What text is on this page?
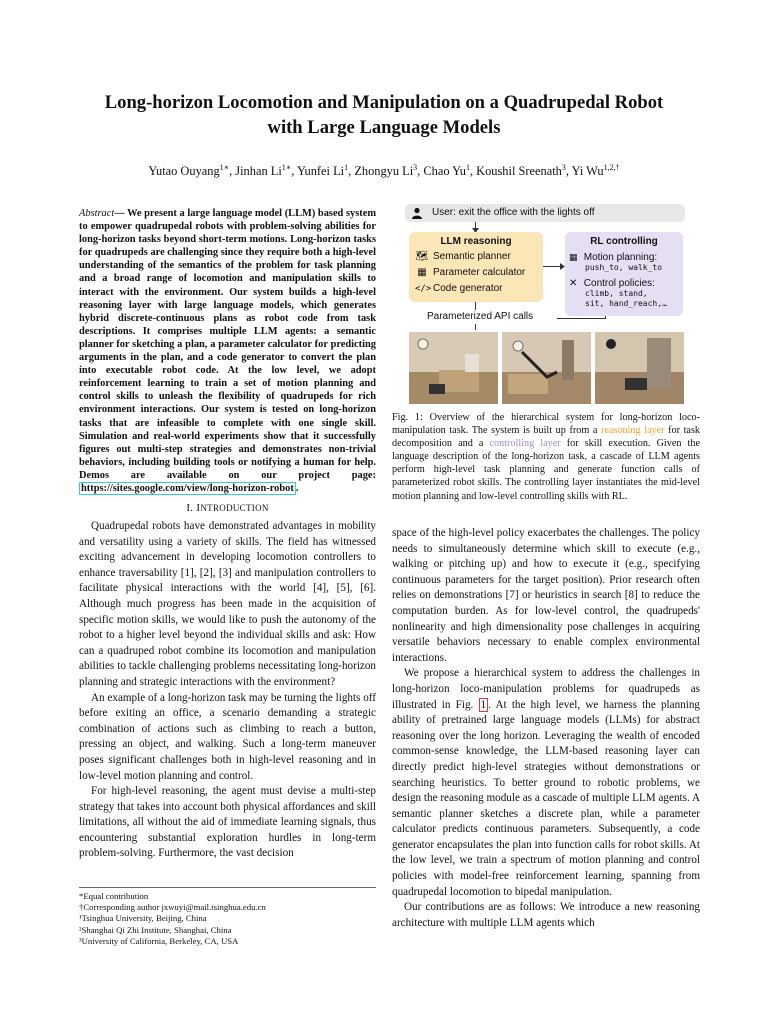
Long-horizon Locomotion and Manipulation on a Quadrupedal Robot
with Large Language Models
Yutao Ouyang$^{1∗}$, Jinhan $Li^{1∗}$, Yunfei Li$^1$, Zhongyu Li$^3$, Chao Yu$^1$, Koushil Sreenath$^3$, Yi $Wu^{1,2,\dagger}$
Abstract— We present a large language model (LLM) based system to empower quadrupedal robots with problem-solving abilities for long-horizon tasks beyond short-term motions. Long-horizon tasks for quadrupeds are challenging since they require both a high-level understanding of the semantics of the problem for task planning and a broad range of locomotion and manipulation skills to interact with the environment. Our system builds a high-level reasoning layer with large language models, which generates hybrid discrete-continuous plans as robot code from task descriptions. It comprises multiple LLM agents: a semantic planner for sketching a plan, a parameter calculator for predicting arguments in the plan, and a code generator to convert the plan into executable robot code. At the low level, we adopt reinforcement learning to train a set of motion planning and control skills to unleash the flexibility of quadrupeds for rich environment interactions. Our system is tested on long-horizon tasks that are infeasible to complete with one single skill. Simulation and real-world experiments show that it successfully figures out multi-step strategies and demonstrates non-trivial behaviors, including building tools or notifying a human for help. Demos are available on our project page: https://sites.google.com/view/long-horizon-robot .
I. INTRODUCTION

Quadrupedal robots have demonstrated advantages in mobility and versatility using a variety of skills. The field has witnessed exciting advancement in developing locomotion controllers to enhance traversability [1], [2], [3] and manipulation controllers to facilitate physical interactions with the world [4], [5], [6]. Although much progress has been made in the acquisition of specific motion skills, we would like to push the autonomy of the robot to a higher level beyond the individual skills and ask: How can a quadruped robot combine its locomotion and manipulation abilities to tackle challenging problems necessitating long-horizon planning and strategic interactions with the environment?

An example of a long-horizon task may be turning the lights off before exiting an office, a scenario demanding a strategic combination of actions such as climbing to reach a button, pressing an object, and walking. Such a long-term maneuver poses significant challenges both in high-level reasoning and in low-level motion planning and control.

For high-level reasoning, the agent must devise a multi-step strategy that takes into account both physical affordances and skill limitations, all without the aid of immediate learning signals, thus encountering substantial exploration hurdles in long-term problem-solving. Furthermore, the vast decision

*Equal contribution
†Corresponding author jxwuyi@mail.tsinghua.edu.cn
¹Tsinghua University, Beijing, China
²Shanghai Qi Zhi Institute, Shanghai, China
³University of California, Berkeley, CA, USA
User: exit the office with the lights off
LLM reasoning
🗺 Semantic planner
▦ Parameter calculator
</> Code generator
RL controlling
▦ Motion planning:
push_to, walk_to
✕ Control policies:
climb, stand,
sit, hand_reach,…
Parameterized API calls
Fig. 1: Overview of the hierarchical system for long-horizon loco-manipulation task. The system is built up from a reasoning layer for task decomposition and a controlling layer for skill execution. Given the language description of the long-horizon task, a cascade of LLM agents perform high-level task planning and generate function calls of parameterized robot skills. The controlling layer instantiates the mid-level motion planning and low-level controlling skills with RL.

space of the high-level policy exacerbates the challenges. The policy needs to simultaneously determine which skill to execute (e.g., walking or pitching up) and how to execute it (e.g., specifying continuous parameters for the target position). Prior research often relies on demonstrations [7] or heuristics in search [8] to reduce the computation burden. As for low-level control, the quadrupeds' nonlinearity and high dimensionality pose challenges in acquiring versatile behaviors necessary to enable complex environmental interactions.

We propose a hierarchical system to address the challenges in long-horizon loco-manipulation problems for quadrupeds as illustrated in Fig. 1 . At the high level, we harness the planning ability of pretrained large language models (LLMs) for abstract reasoning over the long horizon. Leveraging the wealth of encoded common-sense knowledge, the LLM-based reasoning layer can directly predict high-level strategies without demonstrations or searching heuristics. To better ground to robotic problems, we design the reasoning module as a cascade of multiple LLM agents. A semantic planner sketches a discrete plan, while a parameter calculator predicts continuous parameters. Subsequently, a code generator encapsulates the plan into function calls for robot skills. At the low level, we train a spectrum of motion planning and control policies with model-free reinforcement learning, spanning from quadrupedal locomotion to bipedal manipulation.

Our contributions are as follows: We introduce a new reasoning architecture with multiple LLM agents which
